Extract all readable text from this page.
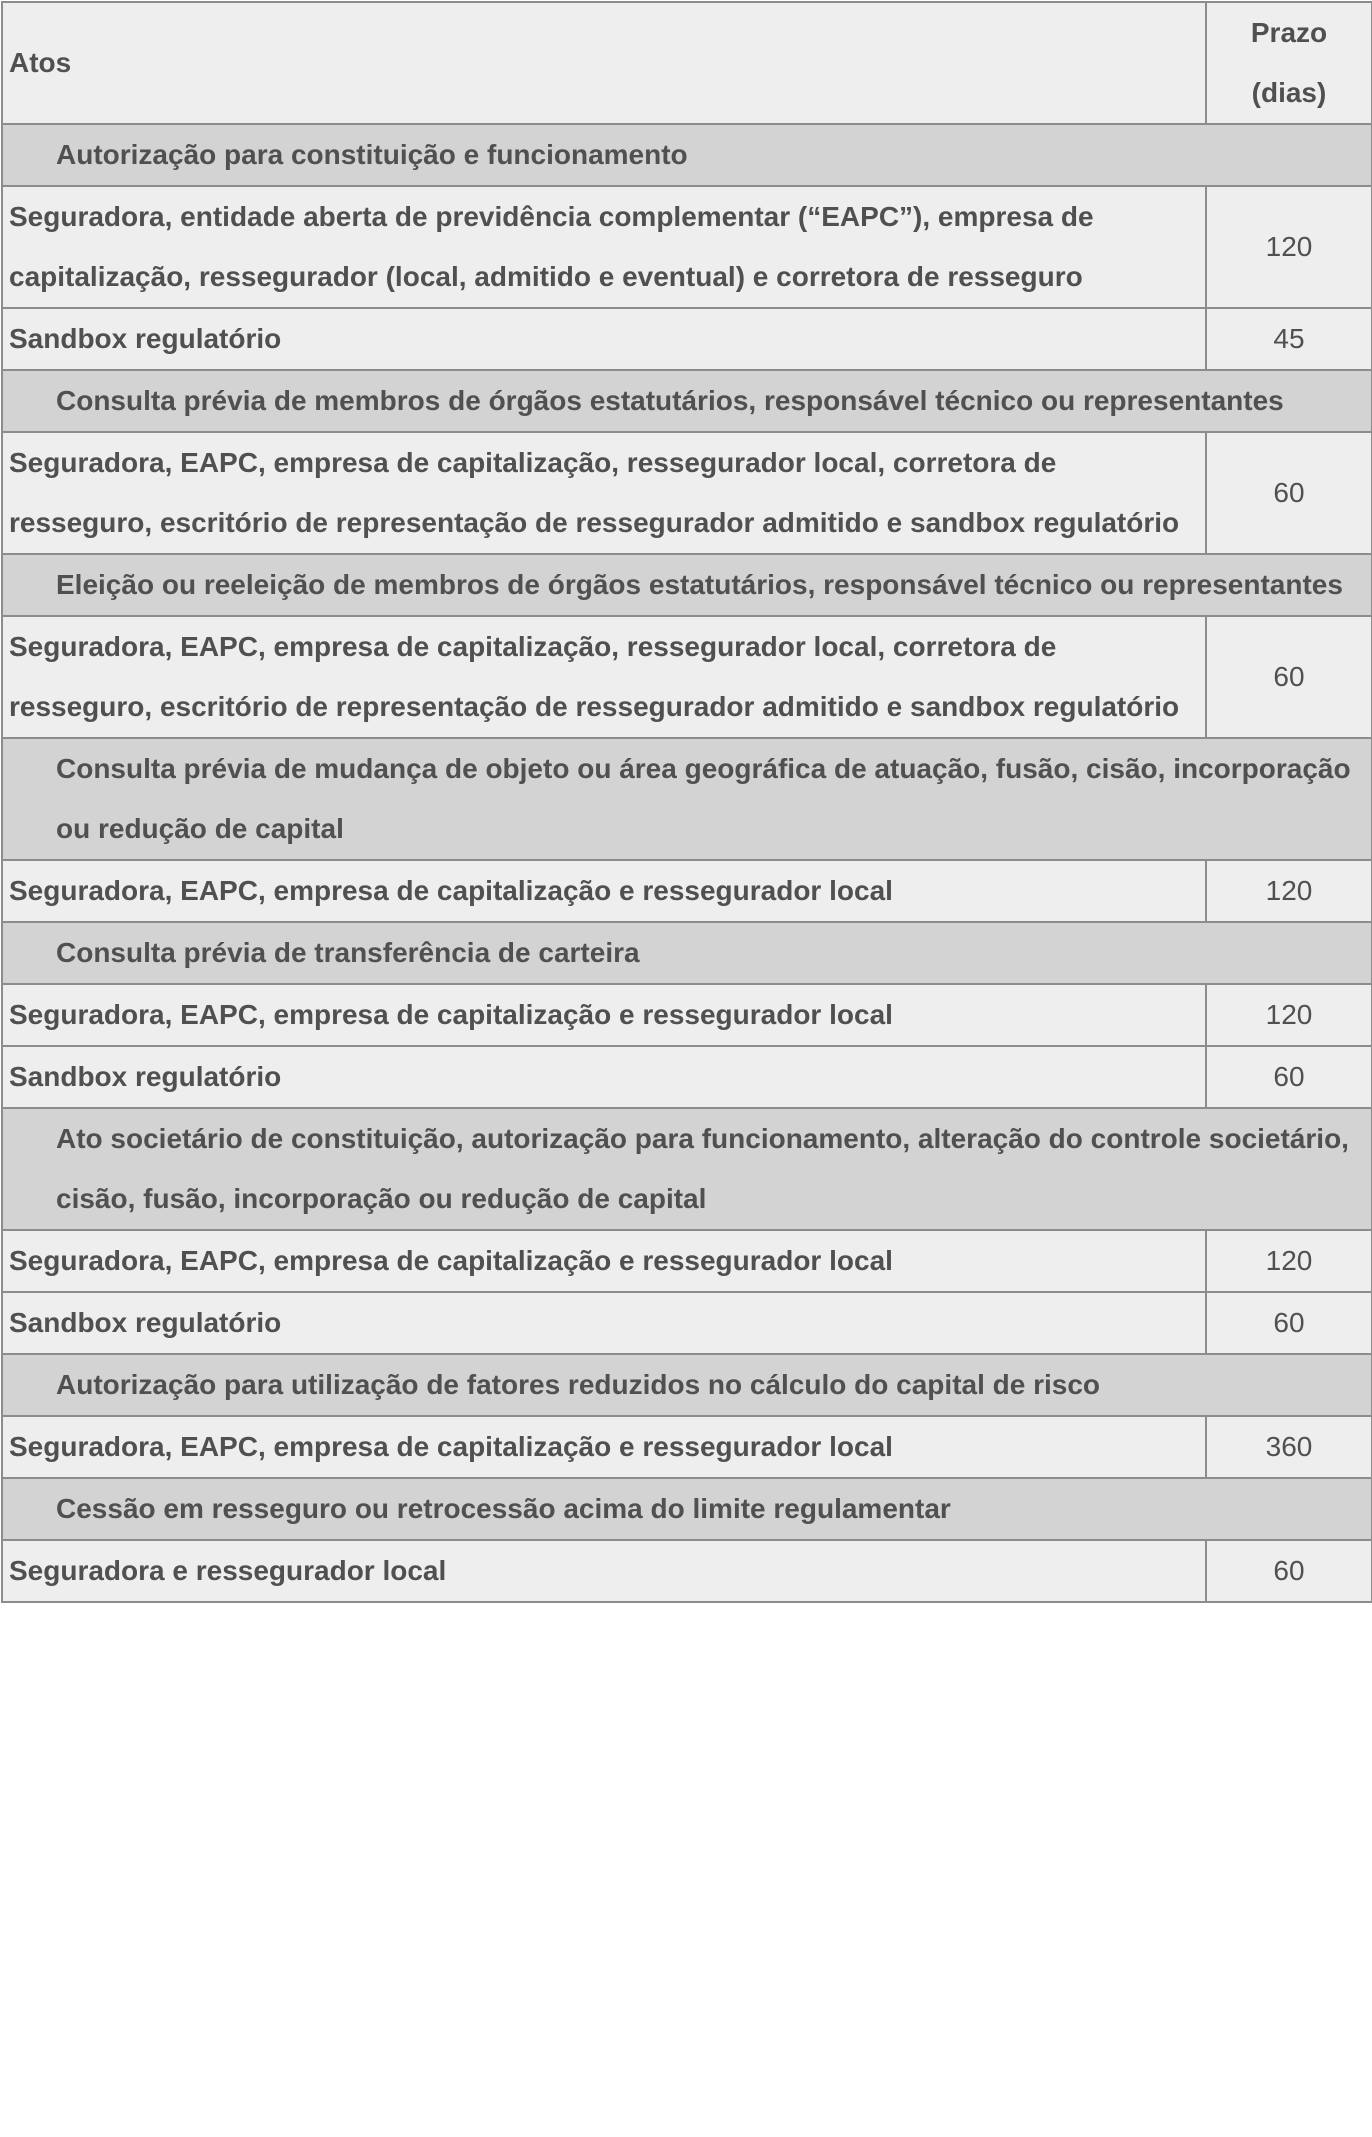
Atos	Prazo (dias)
Autorização para constituição e funcionamento	
Seguradora, entidade aberta de previdência complementar (“EAPC”), empresa de capitalização, ressegurador (local, admitido e eventual) e corretora de resseguro	120
Sandbox regulatório	45
Consulta prévia de membros de órgãos estatutários, responsável técnico ou representantes	
Seguradora, EAPC, empresa de capitalização, ressegurador local, corretora de resseguro, escritório de representação de ressegurador admitido e sandbox regulatório	60
Eleição ou reeleição de membros de órgãos estatutários, responsável técnico ou representantes	
Seguradora, EAPC, empresa de capitalização, ressegurador local, corretora de resseguro, escritório de representação de ressegurador admitido e sandbox regulatório	60
Consulta prévia de mudança de objeto ou área geográfica de atuação, fusão, cisão, incorporação ou redução de capital	
Seguradora, EAPC, empresa de capitalização e ressegurador local	120
Consulta prévia de transferência de carteira	
Seguradora, EAPC, empresa de capitalização e ressegurador local	120
Sandbox regulatório	60
Ato societário de constituição, autorização para funcionamento, alteração do controle societário, cisão, fusão, incorporação ou redução de capital	
Seguradora, EAPC, empresa de capitalização e ressegurador local	120
Sandbox regulatório	60
Autorização para utilização de fatores reduzidos no cálculo do capital de risco	
Seguradora, EAPC, empresa de capitalização e ressegurador local	360
Cessão em resseguro ou retrocessão acima do limite regulamentar	
Seguradora e ressegurador local	60
